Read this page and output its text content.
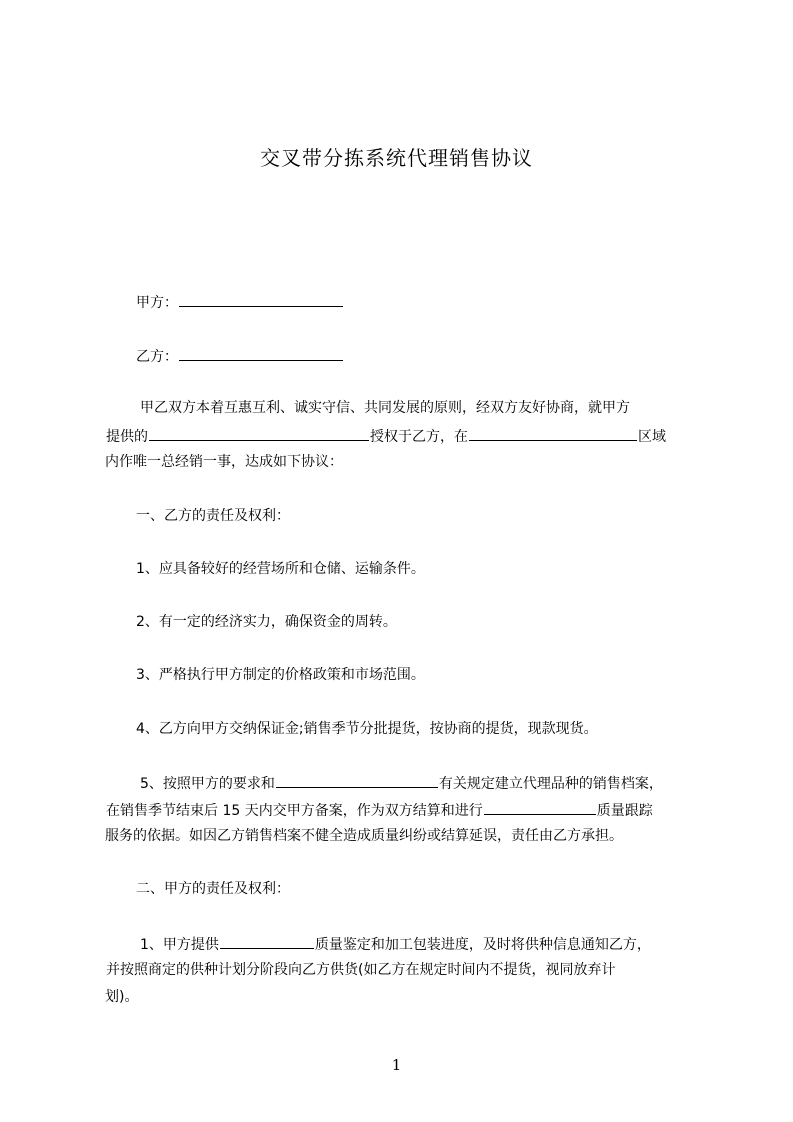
交叉带分拣系统代理销售协议
甲方：
乙方：
甲乙双方本着互惠互利、诚实守信、共同发展的原则，经双方友好协商，就甲方
提供的	授权于乙方，在	区域
内作唯一总经销一事，达成如下协议：
一、乙方的责任及权利：
1、应具备较好的经营场所和仓储、运输条件。
2、有一定的经济实力，确保资金的周转。
3、严格执行甲方制定的价格政策和市场范围。
4、乙方向甲方交纳保证金;销售季节分批提货，按协商的提货，现款现货。
5、按照甲方的要求和	有关规定建立代理品种的销售档案，
在销售季节结束后 15 天内交甲方备案，作为双方结算和进行	质量跟踪
服务的依据。如因乙方销售档案不健全造成质量纠纷或结算延误，责任由乙方承担。
二、甲方的责任及权利：
1、甲方提供	质量鉴定和加工包装进度，及时将供种信息通知乙方，
并按照商定的供种计划分阶段向乙方供货(如乙方在规定时间内不提货，视同放弃计
划)。
1
